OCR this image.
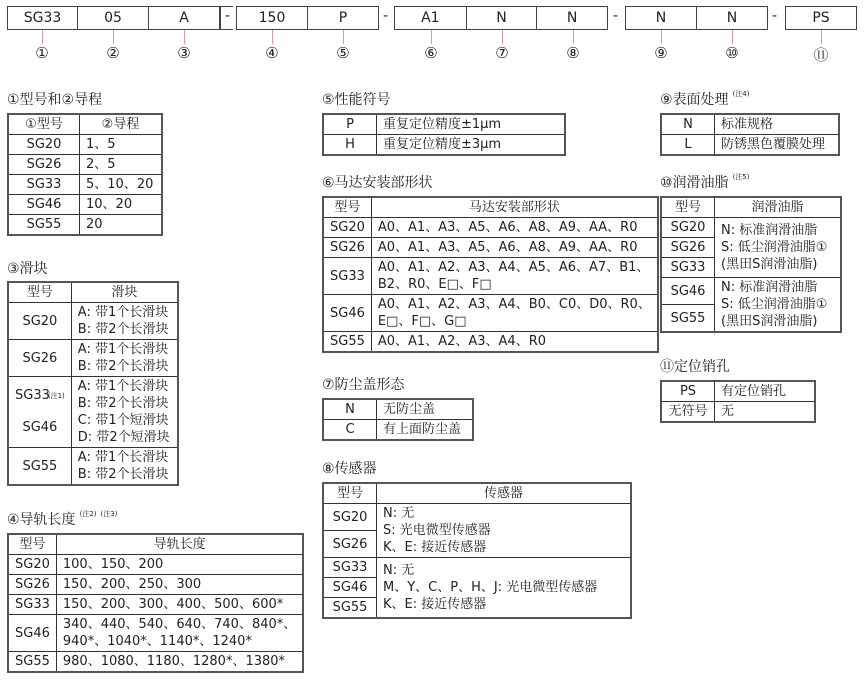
SG33	05	A	-	150	P	-	A1	N	N	-	N	N	-	PS
①	②	③	④	⑤	⑥	⑦	⑧	⑨	⑩	⑪
①型号和②导程
①型号	②导程
SG20	1、5
SG26	2、5
SG33	5、10、20
SG46	10、20
SG55	20
③滑块
型号	滑块
SG20	A: 带1个长滑块
B: 带2个长滑块

SG26	A: 带1个长滑块
B: 带2个长滑块

SG33$^{(注1)}$
SG46

A: 带1个长滑块
B: 带2个长滑块
C: 带1个短滑块
D: 带2个短滑块

SG55	A: 带1个长滑块
B: 带2个长滑块
④导轨长度 $^{(注2)}$ $^{(注3)}$
型号	导轨长度
SG20	100、150、200
SG26	150、200、250、300
SG33	150、200、300、400、500、600*
SG46	340、440、540、640、740、840*、
940*、1040*、1140*、1240*

SG55	980、1080、1180、1280*、1380*
⑤性能符号
P	重复定位精度±1μm
H	重复定位精度±3μm
⑥马达安装部形状
型号	马达安装部形状
SG20	A0、A1、A3、A5、A6、A8、A9、AA、R0
SG26	A0、A1、A3、A5、A6、A8、A9、AA、R0
SG33	A0、A1、A2、A3、A4、A5、A6、A7、B1、
B2、R0、E□、F□

SG46	A0、A1、A2、A3、A4、B0、C0、D0、R0、
E□、F□、G□

SG55	A0、A1、A2、A3、A4、R0
⑦防尘盖形态
N	无防尘盖
C	有上面防尘盖
⑧传感器
型号	传感器
SG20	N: 无
S: 光电微型传感器
K、E: 接近传感器

SG26	
SG33	N: 无
M、Y、C、P、H、J: 光电微型传感器
K、E: 接近传感器

SG46	
SG55	
⑨表面处理 $^{(注4)}$
N	标准规格
L	防锈黑色覆膜处理
⑩润滑油脂 $^{(注5)}$
型号	润滑油脂
SG20	N: 标准润滑油脂
S: 低尘润滑油脂①
(黑田S润滑油脂)

SG26	
SG33	
SG46	N: 标准润滑油脂
S: 低尘润滑油脂①
(黑田S润滑油脂)

SG55	
⑪定位销孔
PS	有定位销孔
无符号	无
